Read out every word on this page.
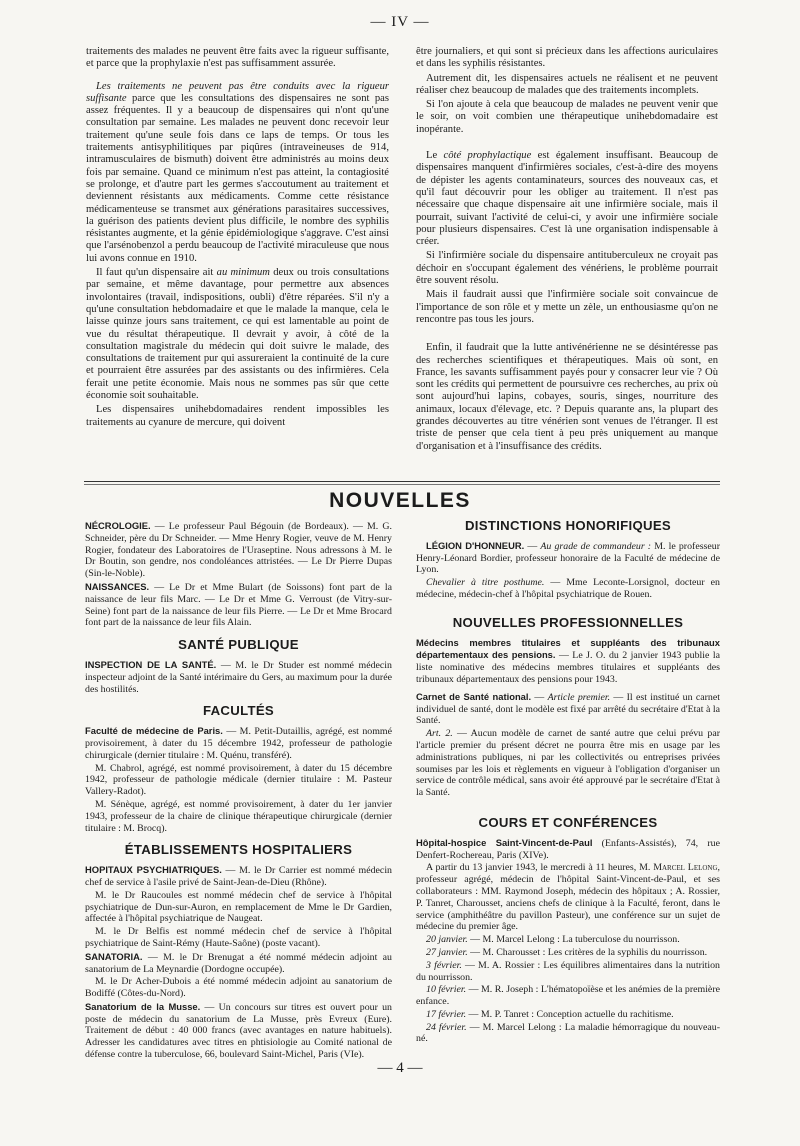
— IV —

traitements des malades ne peuvent être faits avec la rigueur suffisante, et parce que la prophylaxie n'est pas suffisamment assurée.

Les traitements ne peuvent pas être conduits avec la rigueur suffisante parce que les consultations des dispensaires ne sont pas assez fréquentes. Il y a beaucoup de dispensaires qui n'ont qu'une consultation par semaine. Les malades ne peuvent donc recevoir leur traitement qu'une seule fois dans ce laps de temps. Or tous les traitements antisyphilitiques par piqûres (intraveineuses de 914, intramusculaires de bismuth) doivent être administrés au moins deux fois par semaine. Quand ce minimum n'est pas atteint, la contagiosité se prolonge, et d'autre part les germes s'accoutument au traitement et deviennent résistants aux médicaments. Comme cette résistance médicamenteuse se transmet aux générations parasitaires successives, la guérison des patients devient plus difficile, le nombre des syphilis résistantes augmente, et la génie épidémiologique s'aggrave. C'est ainsi que l'arsénobenzol a perdu beaucoup de l'activité miraculeuse que nous lui avons connue en 1910.

Il faut qu'un dispensaire ait au minimum deux ou trois consultations par semaine, et même davantage, pour permettre aux absences involontaires (travail, indispositions, oubli) d'être réparées. S'il n'y a qu'une consultation hebdomadaire et que le malade la manque, cela le laisse quinze jours sans traitement, ce qui est lamentable au point de vue du résultat thérapeutique. Il devrait y avoir, à côté de la consultation magistrale du médecin qui doit suivre le malade, des consultations de traitement pur qui assureraient la continuité de la cure et pourraient être assurées par des assistants ou des infirmières. Cela ferait une petite économie. Mais nous ne sommes pas sûr que cette économie soit souhaitable.

Les dispensaires unihebdomadaires rendent impossibles les traitements au cyanure de mercure, qui doivent

être journaliers, et qui sont si précieux dans les affections auriculaires et dans les syphilis résistantes.

Autrement dit, les dispensaires actuels ne réalisent et ne peuvent réaliser chez beaucoup de malades que des traitements incomplets.

Si l'on ajoute à cela que beaucoup de malades ne peuvent venir que le soir, on voit combien une thérapeutique unihebdomadaire est inopérante.

Le côté prophylactique est également insuffisant. Beaucoup de dispensaires manquent d'infirmières sociales, c'est-à-dire des moyens de dépister les agents contaminateurs, sources des nouveaux cas, et qu'il faut découvrir pour les obliger au traitement. Il n'est pas nécessaire que chaque dispensaire ait une infirmière sociale, mais il pourrait, suivant l'activité de celui-ci, y avoir une infirmière sociale pour plusieurs dispensaires. C'est là une organisation indispensable à créer.

Si l'infirmière sociale du dispensaire antituberculeux ne croyait pas déchoir en s'occupant également des vénériens, le problème pourrait être souvent résolu.

Mais il faudrait aussi que l'infirmière sociale soit convaincue de l'importance de son rôle et y mette un zèle, un enthousiasme qu'on ne rencontre pas tous les jours.

Enfin, il faudrait que la lutte antivénérienne ne se désintéresse pas des recherches scientifiques et thérapeutiques. Mais où sont, en France, les savants suffisamment payés pour y consacrer leur vie ? Où sont les crédits qui permettent de poursuivre ces recherches, au prix où sont aujourd'hui lapins, cobayes, souris, singes, nourriture des animaux, locaux d'élevage, etc. ? Depuis quarante ans, la plupart des grandes découvertes au titre vénérien sont venues de l'étranger. Il est triste de penser que cela tient à peu près uniquement au manque d'organisation et à l'insuffisance des crédits.

NOUVELLES

NÉCROLOGIE. — Le professeur Paul Bégouin (de Bordeaux). — M. G. Schneider, père du Dr Schneider. — Mme Henry Rogier, veuve de M. Henry Rogier, fondateur des Laboratoires de l'Uraseptine. Nous adressons à M. le Dr Boutin, son gendre, nos condoléances attristées. — Le Dr Pierre Dupas (Sin-le-Noble).

NAISSANCES. — Le Dr et Mme Bulart (de Soissons) font part de la naissance de leur fils Marc. — Le Dr et Mme G. Verroust (de Vitry-sur-Seine) font part de la naissance de leur fils Pierre. — Le Dr et Mme Brocard font part de la naissance de leur fils Alain.

SANTÉ PUBLIQUE

INSPECTION DE LA SANTÉ. — M. le Dr Studer est nommé médecin inspecteur adjoint de la Santé intérimaire du Gers, au maximum pour la durée des hostilités.

FACULTÉS

Faculté de médecine de Paris. — M. Petit-Dutaillis, agrégé, est nommé provisoirement, à dater du 15 décembre 1942, professeur de pathologie chirurgicale (dernier titulaire : M. Quénu, transféré).

M. Chabrol, agrégé, est nommé provisoirement, à dater du 15 décembre 1942, professeur de pathologie médicale (dernier titulaire : M. Pasteur Vallery-Radot).

M. Sénèque, agrégé, est nommé provisoirement, à dater du 1er janvier 1943, professeur de la chaire de clinique thérapeutique chirurgicale (dernier titulaire : M. Brocq).

ÉTABLISSEMENTS HOSPITALIERS

HOPITAUX PSYCHIATRIQUES. — M. le Dr Carrier est nommé médecin chef de service à l'asile privé de Saint-Jean-de-Dieu (Rhône).

M. le Dr Raucoules est nommé médecin chef de service à l'hôpital psychiatrique de Dun-sur-Auron, en remplacement de Mme le Dr Gardien, affectée à l'hôpital psychiatrique de Naugeat.

M. le Dr Belfis est nommé médecin chef de service à l'hôpital psychiatrique de Saint-Rémy (Haute-Saône) (poste vacant).

SANATORIA. — M. le Dr Brenugat a été nommé médecin adjoint au sanatorium de La Meynardie (Dordogne occupée).

M. le Dr Acher-Dubois a été nommé médecin adjoint au sanatorium de Bodiffé (Côtes-du-Nord).

Sanatorium de la Musse. — Un concours sur titres est ouvert pour un poste de médecin du sanatorium de La Musse, près Evreux (Eure). Traitement de début : 40 000 francs (avec avantages en nature habituels). Adresser les candidatures avec titres en phtisiologie au Comité national de défense contre la tuberculose, 66, boulevard Saint-Michel, Paris (VIe).

DISTINCTIONS HONORIFIQUES

LÉGION D'HONNEUR. — Au grade de commandeur : M. le professeur Henry-Léonard Bordier, professeur honoraire de la Faculté de médecine de Lyon.

Chevalier à titre posthume. — Mme Leconte-Lorsignol, docteur en médecine, médecin-chef à l'hôpital psychiatrique de Rouen.

NOUVELLES PROFESSIONNELLES

Médecins membres titulaires et suppléants des tribunaux départementaux des pensions. — Le J. O. du 2 janvier 1943 publie la liste nominative des médecins membres titulaires et suppléants des tribunaux départementaux des pensions pour 1943.

Carnet de Santé national. — Article premier. — Il est institué un carnet individuel de santé, dont le modèle est fixé par arrêté du secrétaire d'Etat à la Santé.

Art. 2. — Aucun modèle de carnet de santé autre que celui prévu par l'article premier du présent décret ne pourra être mis en usage par les administrations publiques, ni par les collectivités ou entreprises privées soumises par les lois et règlements en vigueur à l'obligation d'organiser un service de contrôle médical, sans avoir été approuvé par le secrétaire d'Etat à la Santé.

COURS ET CONFÉRENCES

Hôpital-hospice Saint-Vincent-de-Paul (Enfants-Assistés), 74, rue Denfert-Rochereau, Paris (XIVe).

A partir du 13 janvier 1943, le mercredi à 11 heures, M. Marcel Lelong, professeur agrégé, médecin de l'hôpital Saint-Vincent-de-Paul, et ses collaborateurs : MM. Raymond Joseph, médecin des hôpitaux ; A. Rossier, P. Tanret, Charousset, anciens chefs de clinique à la Faculté, feront, dans le service (amphithéâtre du pavillon Pasteur), une conférence sur un sujet de médecine du premier âge.

20 janvier. — M. Marcel Lelong : La tuberculose du nourrisson.

27 janvier. — M. Charousset : Les critères de la syphilis du nourrisson.

3 février. — M. A. Rossier : Les équilibres alimentaires dans la nutrition du nourrisson.

10 février. — M. R. Joseph : L'hématopoïèse et les anémies de la première enfance.

17 février. — M. P. Tanret : Conception actuelle du rachitisme.

24 février. — M. Marcel Lelong : La maladie hémorragique du nouveau-né.

— 4 —
